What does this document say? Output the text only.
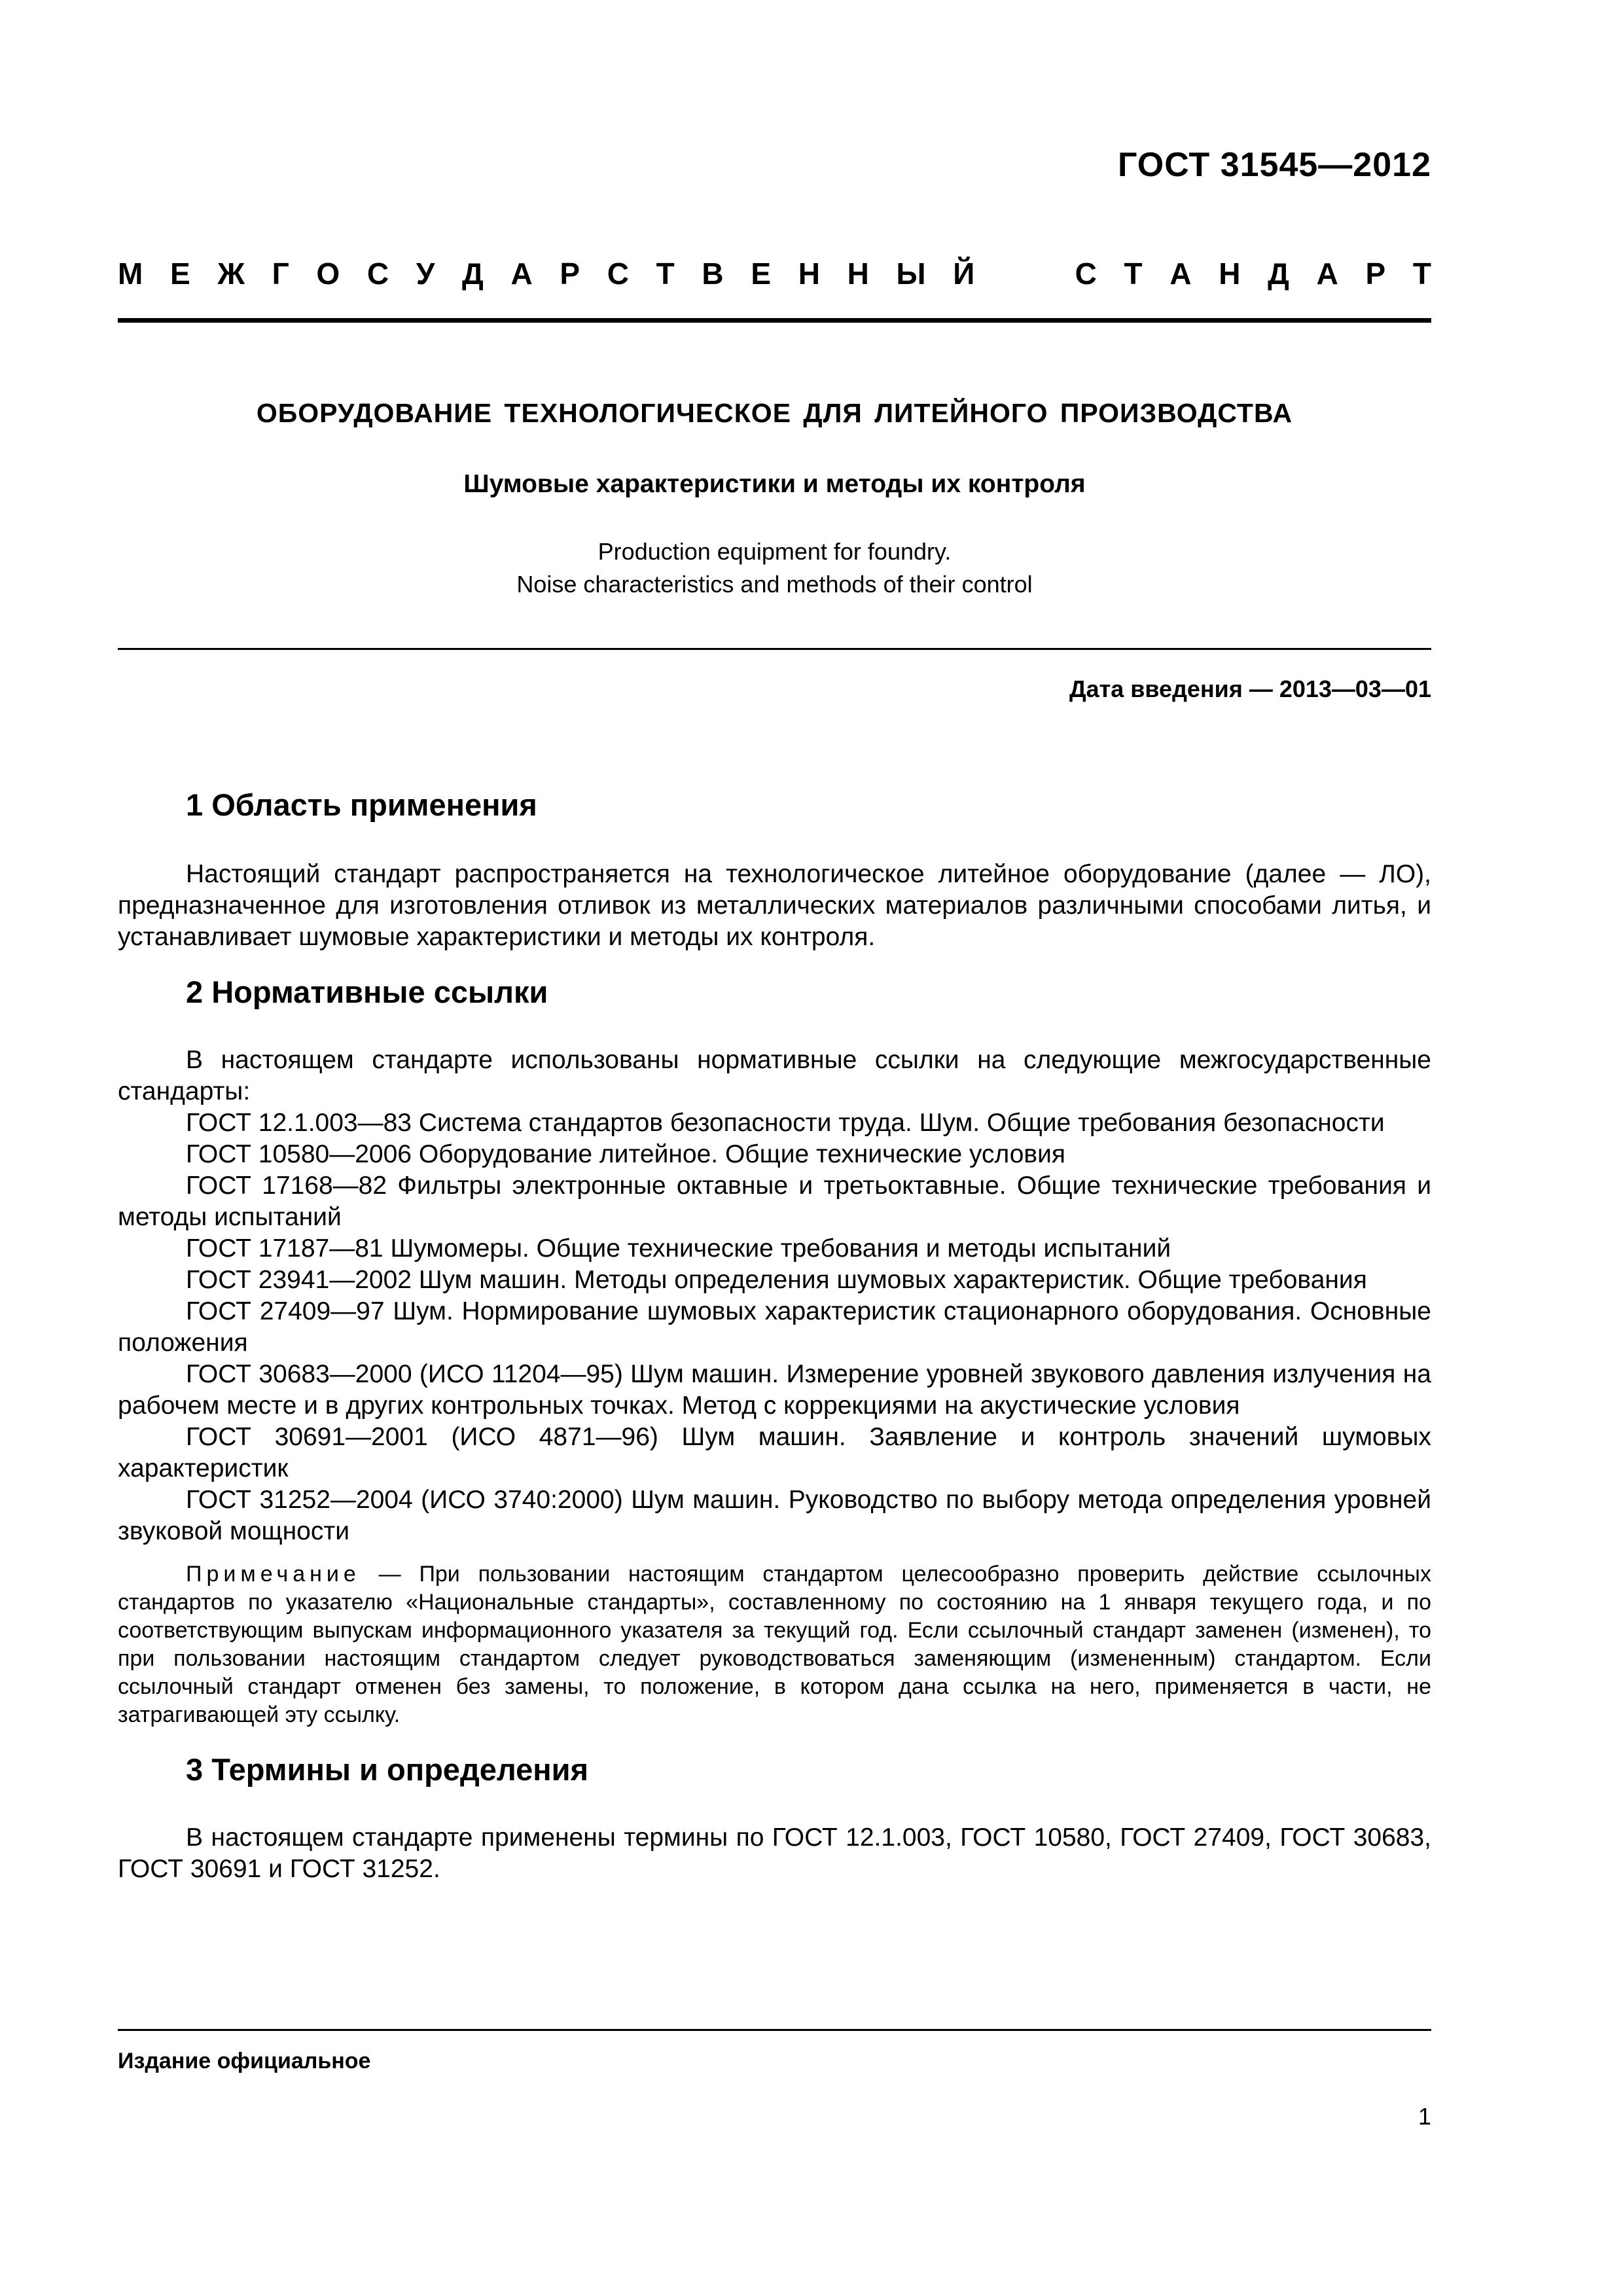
ГОСТ 31545—2012
М Е Ж Г О С У Д А Р С Т В Е Н Н Ы Й	С Т А Н Д А Р Т
ОБОРУДОВАНИЕ ТЕХНОЛОГИЧЕСКОЕ ДЛЯ ЛИТЕЙНОГО ПРОИЗВОДСТВА
Шумовые характеристики и методы их контроля
Production equipment for foundry.
Noise characteristics and methods of their control
Дата введения — 2013—03—01
1 Область применения

Настоящий стандарт распространяется на технологическое литейное оборудование (далее — ЛО), предназначенное для изготовления отливок из металлических материалов различными способами литья, и устанавливает шумовые характеристики и методы их контроля.

2 Нормативные ссылки

В настоящем стандарте использованы нормативные ссылки на следующие межгосударственные стандарты:

ГОСТ 12.1.003—83 Система стандартов безопасности труда. Шум. Общие требования безопасности

ГОСТ 10580—2006 Оборудование литейное. Общие технические условия

ГОСТ 17168—82 Фильтры электронные октавные и третьоктавные. Общие технические требования и методы испытаний

ГОСТ 17187—81 Шумомеры. Общие технические требования и методы испытаний

ГОСТ 23941—2002 Шум машин. Методы определения шумовых характеристик. Общие требования

ГОСТ 27409—97 Шум. Нормирование шумовых характеристик стационарного оборудования. Основные положения

ГОСТ 30683—2000 (ИСО 11204—95) Шум машин. Измерение уровней звукового давления излучения на рабочем месте и в других контрольных точках. Метод с коррекциями на акустические условия

ГОСТ 30691—2001 (ИСО 4871—96) Шум машин. Заявление и контроль значений шумовых характеристик

ГОСТ 31252—2004 (ИСО 3740:2000) Шум машин. Руководство по выбору метода определения уровней звуковой мощности

Примечание — При пользовании настоящим стандартом целесообразно проверить действие ссылочных стандартов по указателю «Национальные стандарты», составленному по состоянию на 1 января текущего года, и по соответствующим выпускам информационного указателя за текущий год. Если ссылочный стандарт заменен (изменен), то при пользовании настоящим стандартом следует руководствоваться заменяющим (измененным) стандартом. Если ссылочный стандарт отменен без замены, то положение, в котором дана ссылка на него, применяется в части, не затрагивающей эту ссылку.

3 Термины и определения

В настоящем стандарте применены термины по ГОСТ 12.1.003, ГОСТ 10580, ГОСТ 27409, ГОСТ 30683, ГОСТ 30691 и ГОСТ 31252.

Издание официальное
1
